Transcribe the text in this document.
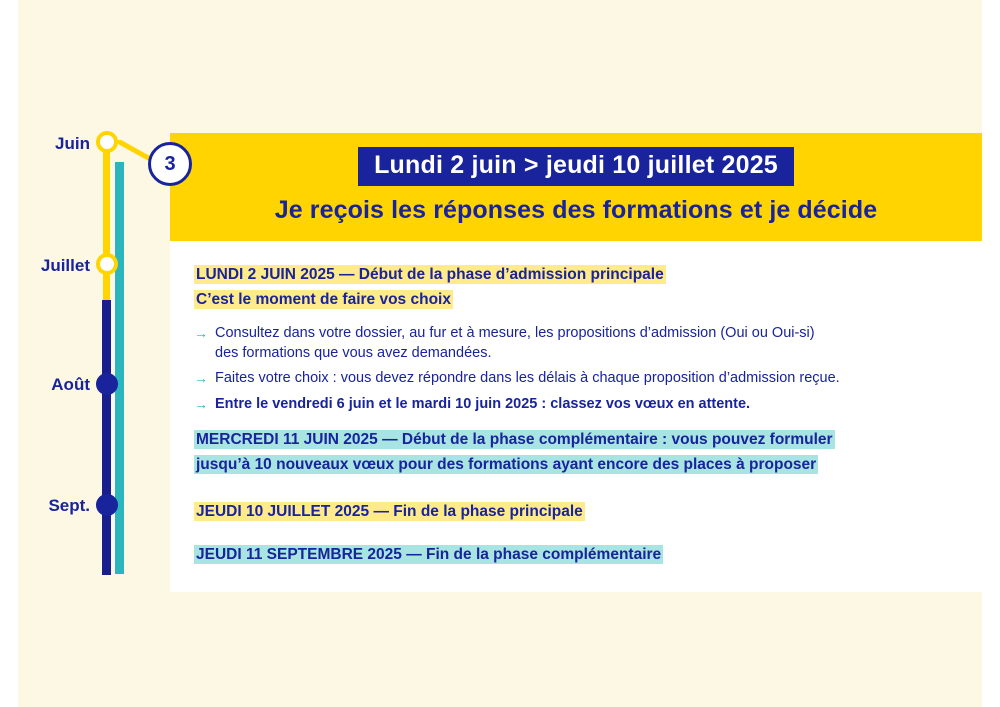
Juin
Juillet
Août
Sept.
3	Lundi 2 juin > jeudi 10 juillet 2025
Je reçois les réponses des formations et je décide
LUNDI 2 JUIN 2025 — Début de la phase d’admission principale
C’est le moment de faire vos choix
→ Consultez dans votre dossier, au fur et à mesure, les propositions d’admission (Oui ou Oui-si)
des formations que vous avez demandées.
→ Faites votre choix : vous devez répondre dans les délais à chaque proposition d’admission reçue.
→ Entre le vendredi 6 juin et le mardi 10 juin 2025 : classez vos vœux en attente.
MERCREDI 11 JUIN 2025 — Début de la phase complémentaire : vous pouvez formuler
jusqu’à 10 nouveaux vœux pour des formations ayant encore des places à proposer
JEUDI 10 JUILLET 2025 — Fin de la phase principale
JEUDI 11 SEPTEMBRE 2025 — Fin de la phase complémentaire
